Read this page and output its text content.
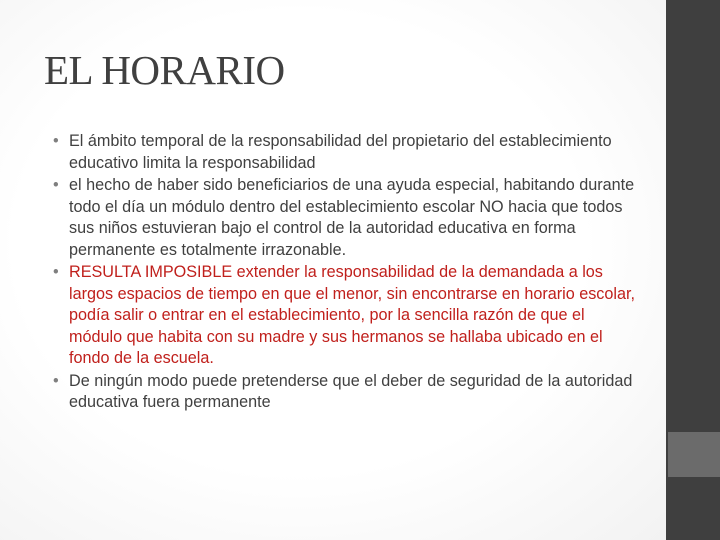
EL HORARIO
• El ámbito temporal de la responsabilidad del propietario del establecimiento educativo limita la responsabilidad
• el hecho de haber sido beneficiarios de una ayuda especial, habitando durante todo el día un módulo dentro del establecimiento escolar NO hacia que todos sus niños estuvieran bajo el control de la autoridad educativa en forma permanente es totalmente irrazonable.
• RESULTA IMPOSIBLE extender la responsabilidad de la demandada a los largos espacios de tiempo en que el menor, sin encontrarse en horario escolar, podía salir o entrar en el establecimiento, por la sencilla razón de que el módulo que habita con su madre y sus hermanos se hallaba ubicado en el fondo de la escuela.
• De ningún modo puede pretenderse que el deber de seguridad de la autoridad educativa fuera permanente
